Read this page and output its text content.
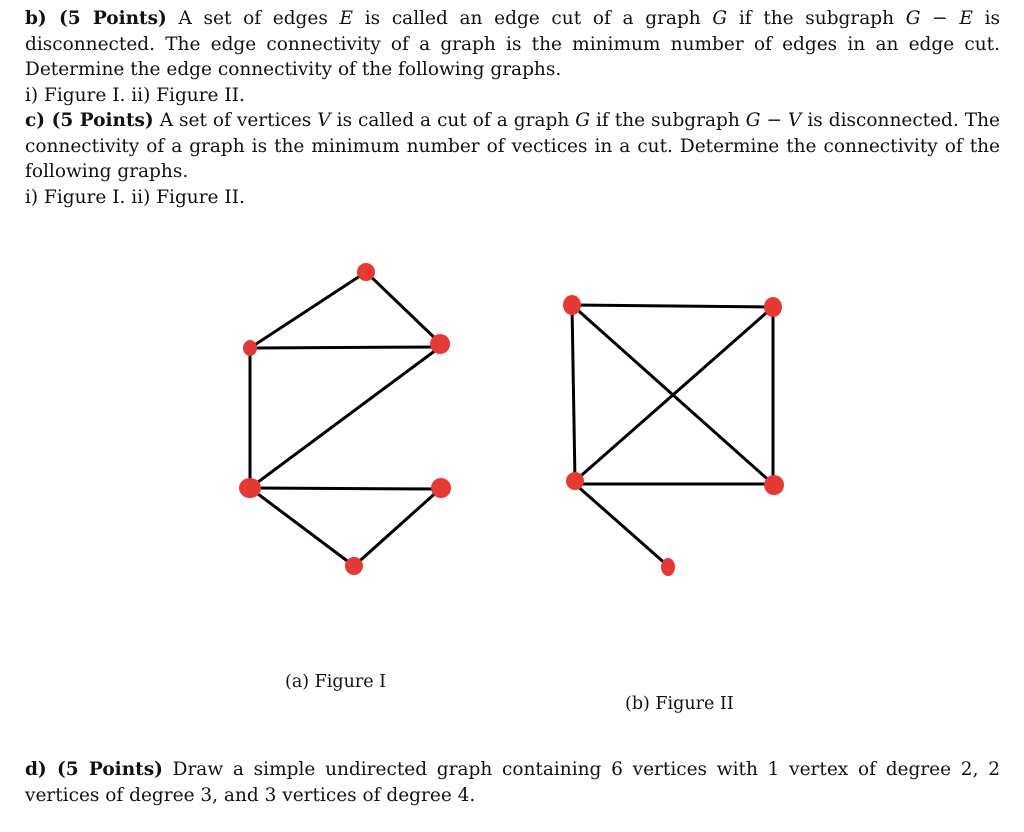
b) (5 Points) A set of edges E is called an edge cut of a graph G if the subgraph G − E is disconnected. The edge connectivity of a graph is the minimum number of edges in an edge cut. Determine the edge connectivity of the following graphs.

i) Figure I. ii) Figure II.

c) (5 Points) A set of vertices V is called a cut of a graph G if the subgraph G − V is disconnected. The connectivity of a graph is the minimum number of vectices in a cut. Determine the connectivity of the following graphs.

i) Figure I. ii) Figure II.

(a) Figure I
(b) Figure II

d) (5 Points) Draw a simple undirected graph containing 6 vertices with 1 vertex of degree 2, 2 vertices of degree 3, and 3 vertices of degree 4.
